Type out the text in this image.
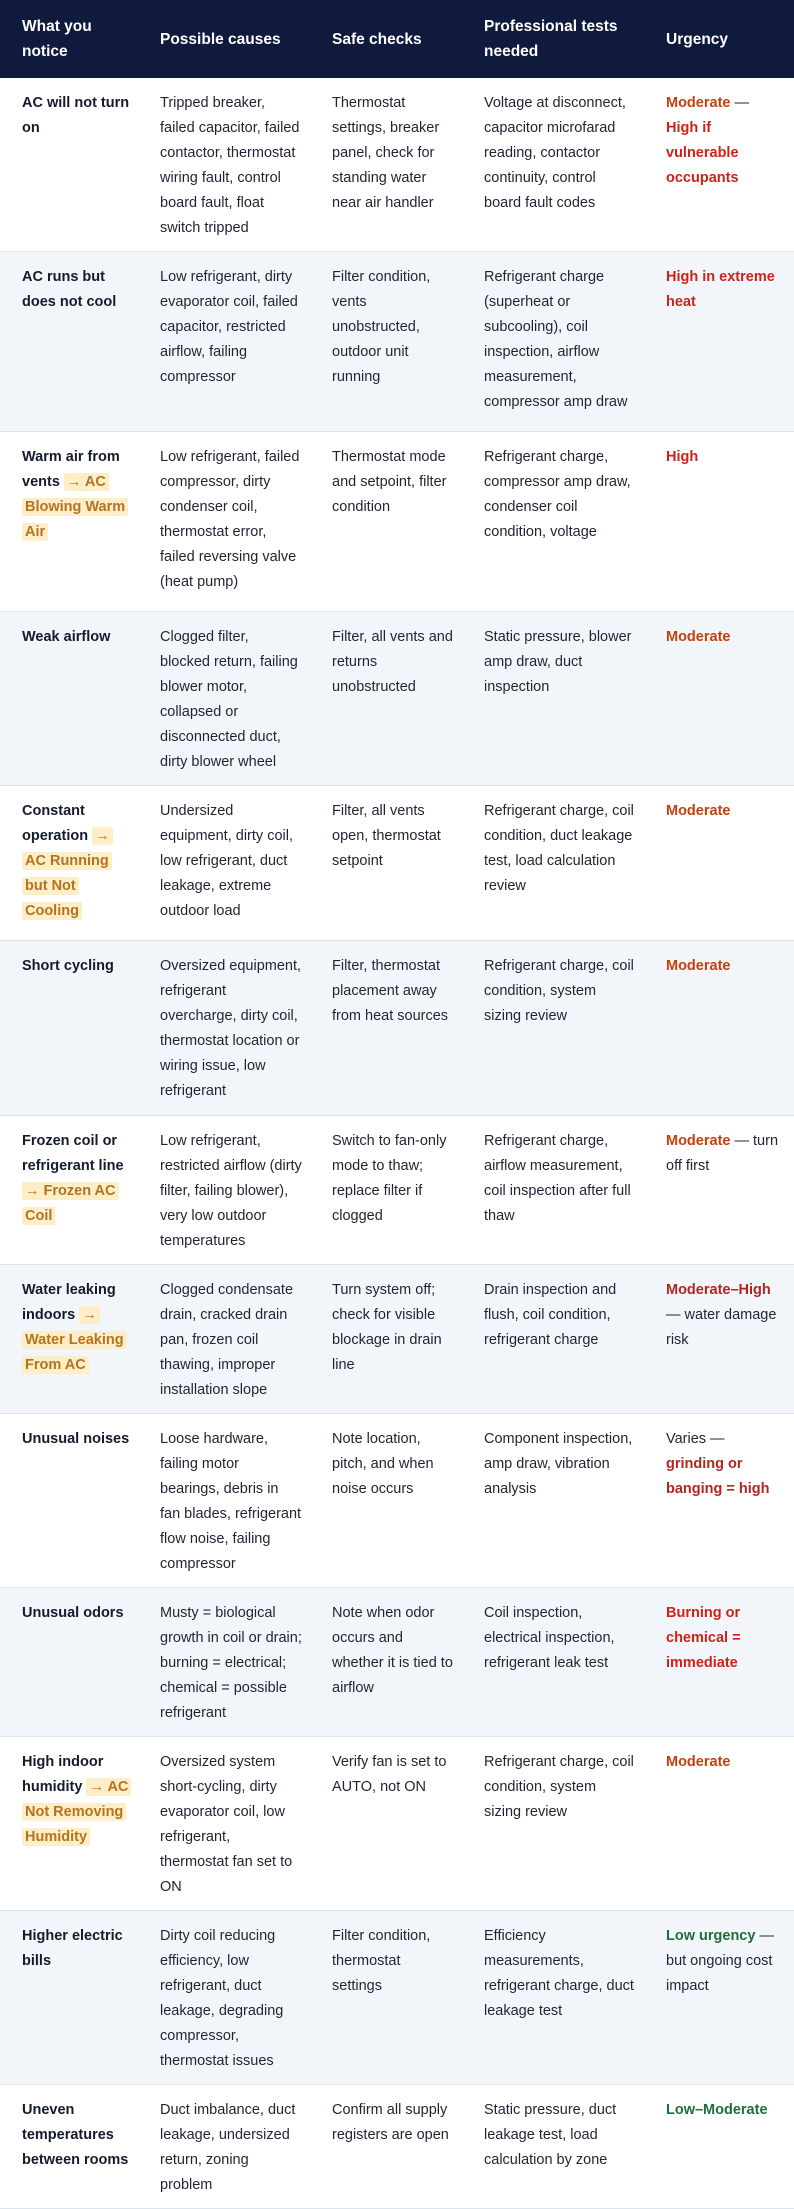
What you notice	Possible causes	Safe checks	Professional tests needed	Urgency
AC will not turn on	Tripped breaker, failed capacitor, failed contactor, thermostat wiring fault, control board fault, float switch tripped	Thermostat settings, breaker panel, check for standing water near air handler	Voltage at disconnect, capacitor microfarad reading, contactor continuity, control board fault codes	Moderate — High if vulnerable occupants
AC runs but does not cool	Low refrigerant, dirty evaporator coil, failed capacitor, restricted airflow, failing compressor	Filter condition, vents unobstructed, outdoor unit running	Refrigerant charge (superheat or subcooling), coil inspection, airflow measurement, compressor amp draw	High in extreme heat
Warm air from vents → AC Blowing Warm Air	Low refrigerant, failed compressor, dirty condenser coil, thermostat error, failed reversing valve (heat pump)	Thermostat mode and setpoint, filter condition	Refrigerant charge, compressor amp draw, condenser coil condition, voltage	High
Weak airflow	Clogged filter, blocked return, failing blower motor, collapsed or disconnected duct, dirty blower wheel	Filter, all vents and returns unobstructed	Static pressure, blower amp draw, duct inspection	Moderate
Constant operation → AC Running but Not Cooling	Undersized equipment, dirty coil, low refrigerant, duct leakage, extreme outdoor load	Filter, all vents open, thermostat setpoint	Refrigerant charge, coil condition, duct leakage test, load calculation review	Moderate
Short cycling	Oversized equipment, refrigerant overcharge, dirty coil, thermostat location or wiring issue, low refrigerant	Filter, thermostat placement away from heat sources	Refrigerant charge, coil condition, system sizing review	Moderate
Frozen coil or refrigerant line → Frozen AC Coil	Low refrigerant, restricted airflow (dirty filter, failing blower), very low outdoor temperatures	Switch to fan-only mode to thaw; replace filter if clogged	Refrigerant charge, airflow measurement, coil inspection after full thaw	Moderate — turn off first
Water leaking indoors → Water Leaking From AC	Clogged condensate drain, cracked drain pan, frozen coil thawing, improper installation slope	Turn system off; check for visible blockage in drain line	Drain inspection and flush, coil condition, refrigerant charge	Moderate–High — water damage risk
Unusual noises	Loose hardware, failing motor bearings, debris in fan blades, refrigerant flow noise, failing compressor	Note location, pitch, and when noise occurs	Component inspection, amp draw, vibration analysis	Varies — grinding or banging = high
Unusual odors	Musty = biological growth in coil or drain; burning = electrical; chemical = possible refrigerant	Note when odor occurs and whether it is tied to airflow	Coil inspection, electrical inspection, refrigerant leak test	Burning or chemical = immediate
High indoor humidity → AC Not Removing Humidity	Oversized system short-cycling, dirty evaporator coil, low refrigerant, thermostat fan set to ON	Verify fan is set to AUTO, not ON	Refrigerant charge, coil condition, system sizing review	Moderate
Higher electric bills	Dirty coil reducing efficiency, low refrigerant, duct leakage, degrading compressor, thermostat issues	Filter condition, thermostat settings	Efficiency measurements, refrigerant charge, duct leakage test	Low urgency — but ongoing cost impact
Uneven temperatures between rooms	Duct imbalance, duct leakage, undersized return, zoning problem	Confirm all supply registers are open	Static pressure, duct leakage test, load calculation by zone	Low–Moderate
